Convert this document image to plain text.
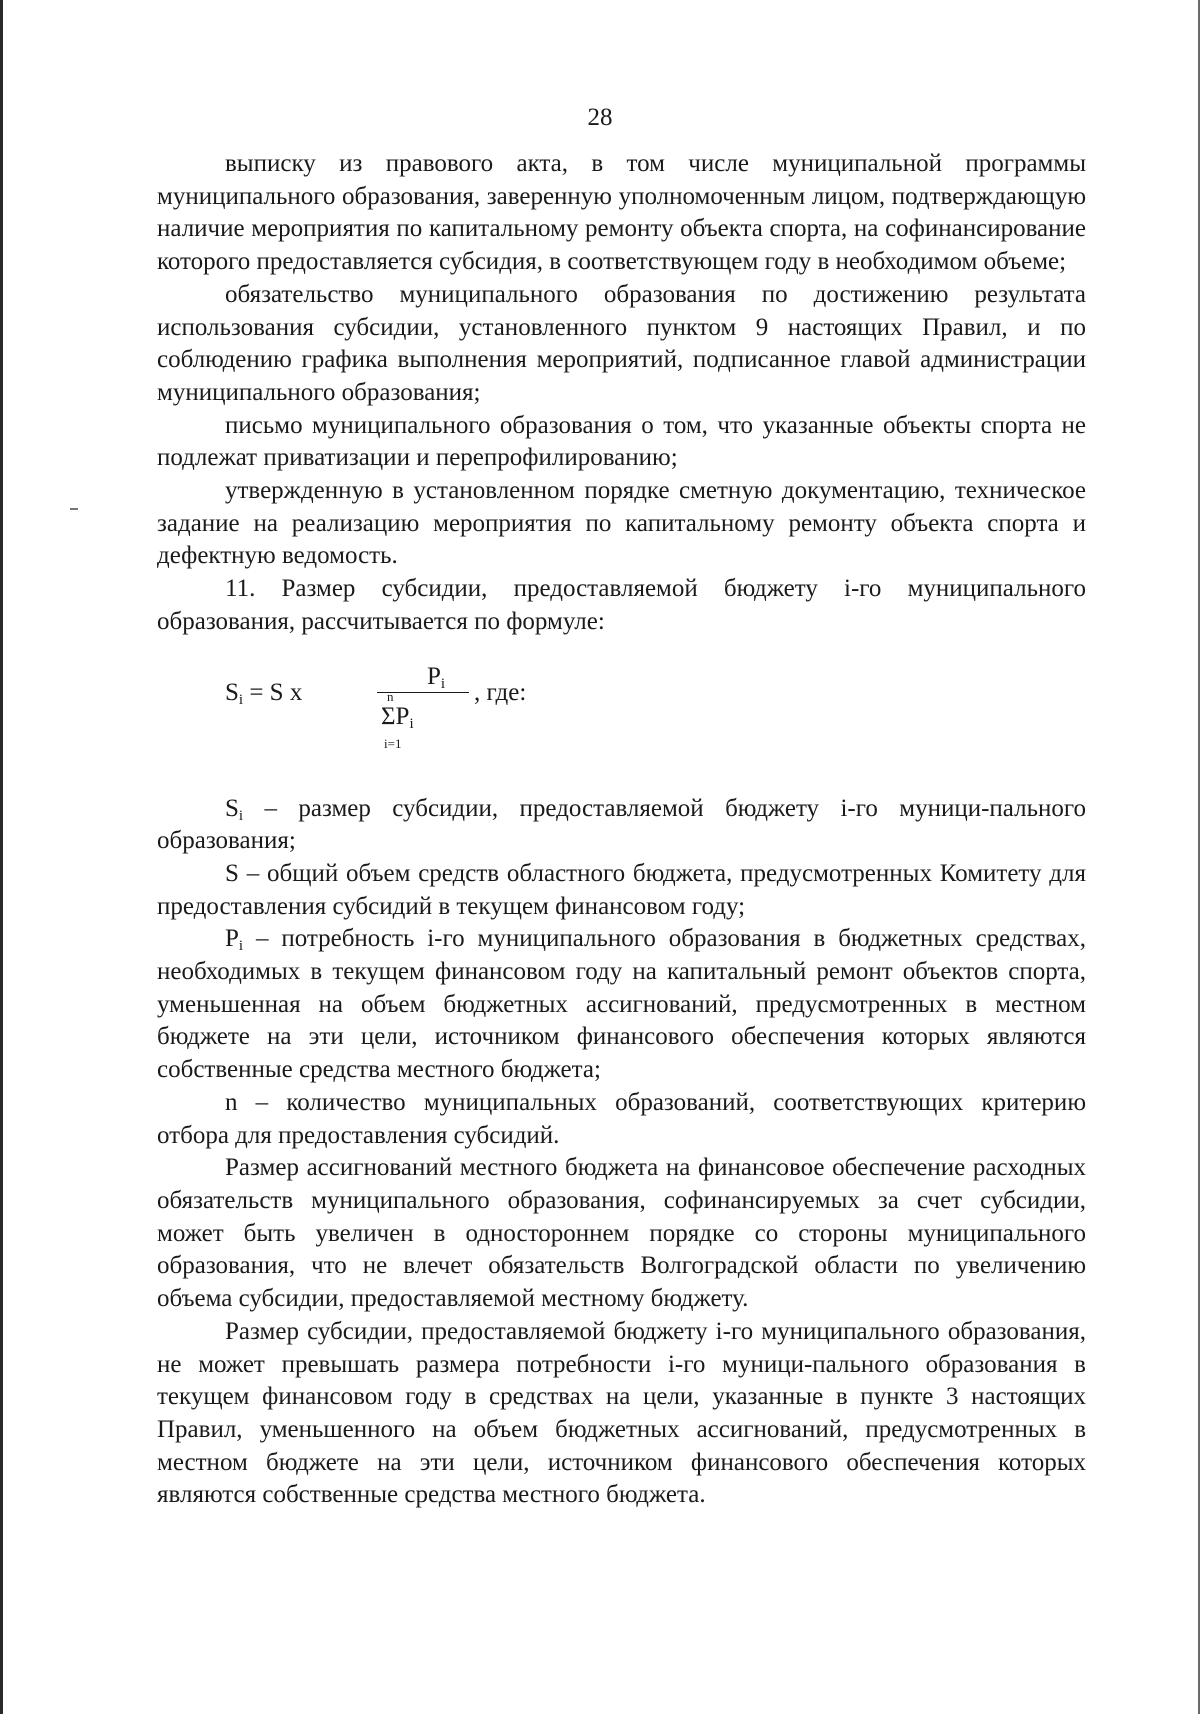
28

выписку из правового акта, в том числе муниципальной программы муниципального образования, заверенную уполномоченным лицом, подтверждающую наличие мероприятия по капитальному ремонту объекта спорта, на софинансирование которого предоставляется субсидия, в соответствующем году в необходимом объеме;

обязательство муниципального образования по достижению результата использования субсидии, установленного пунктом 9 настоящих Правил, и по соблюдению графика выполнения мероприятий, подписанное главой администрации муниципального образования;

письмо муниципального образования о том, что указанные объекты спорта не подлежат приватизации и перепрофилированию;

утвержденную в установленном порядке сметную документацию, техническое задание на реализацию мероприятия по капитальному ремонту объекта спорта и дефектную ведомость.

11. Размер субсидии, предоставляемой бюджету i-го муниципального образования, рассчитывается по формуле:

$S_i = S$ x
$P_i$
n
$\Sigma P_i$
i=1
, где:

$S_i$ – размер субсидии, предоставляемой бюджету i-го муници-пального образования;

S – общий объем средств областного бюджета, предусмотренных Комитету для предоставления субсидий в текущем финансовом году;

$P_i$ – потребность i-го муниципального образования в бюджетных средствах, необходимых в текущем финансовом году на капитальный ремонт объектов спорта, уменьшенная на объем бюджетных ассигнований, предусмотренных в местном бюджете на эти цели, источником финансового обеспечения которых являются собственные средства местного бюджета;

n – количество муниципальных образований, соответствующих критерию отбора для предоставления субсидий.

Размер ассигнований местного бюджета на финансовое обеспечение расходных обязательств муниципального образования, софинансируемых за счет субсидии, может быть увеличен в одностороннем порядке со стороны муниципального образования, что не влечет обязательств Волгоградской области по увеличению объема субсидии, предоставляемой местному бюджету.

Размер субсидии, предоставляемой бюджету i-го муниципального образования, не может превышать размера потребности i-го муници-пального образования в текущем финансовом году в средствах на цели, указанные в пункте 3 настоящих Правил, уменьшенного на объем бюджетных ассигнований, предусмотренных в местном бюджете на эти цели, источником финансового обеспечения которых являются собственные средства местного бюджета.
